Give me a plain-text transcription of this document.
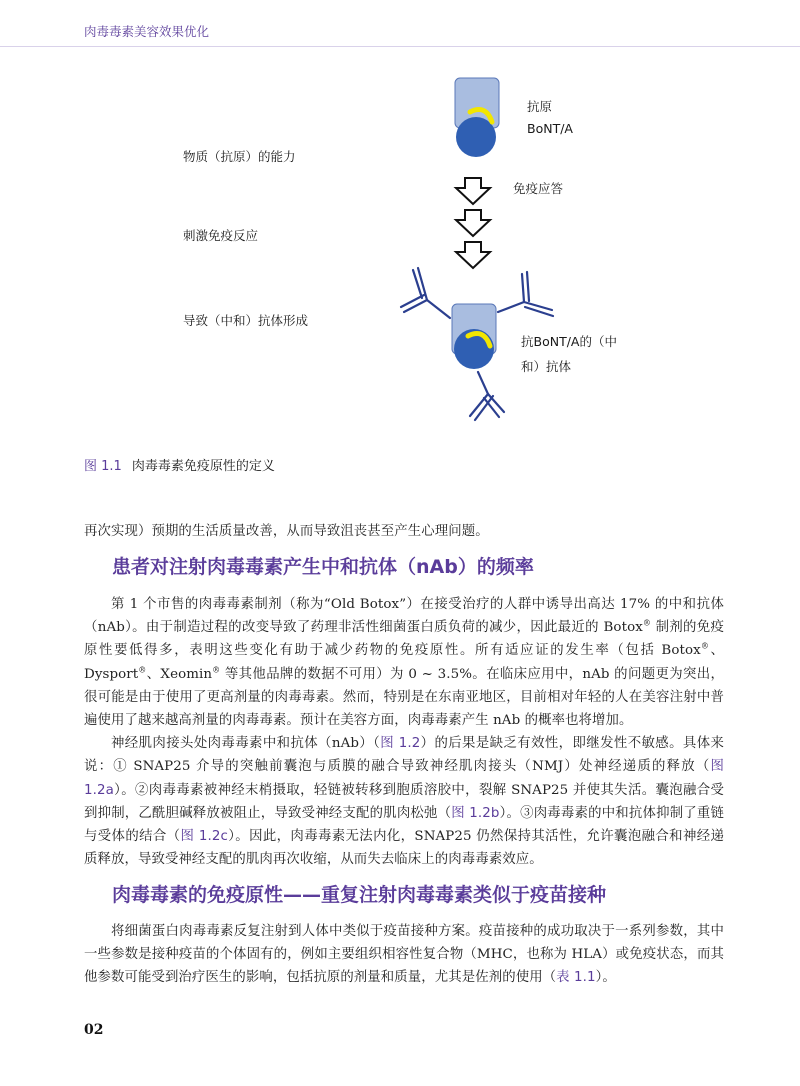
肉毒毒素美容效果优化
物质（抗原）的能力
刺激免疫反应
导致（中和）抗体形成
抗原
BoNT/A
免疫应答
抗BoNT/A的（中
和）抗体
图 1.1 肉毒毒素免疫原性的定义

再次实现）预期的生活质量改善，从而导致沮丧甚至产生心理问题。

患者对注射肉毒毒素产生中和抗体（nAb）的频率

第 1 个市售的肉毒毒素制剂（称为“Old Botox”）在接受治疗的人群中诱导出高达 17% 的中和抗体（nAb）。由于制造过程的改变导致了药理非活性细菌蛋白质负荷的减少，因此最近的 Botox® 制剂的免疫原性要低得多，表明这些变化有助于减少药物的免疫原性。所有适应证的发生率（包括 Botox®、Dysport®、Xeomin® 等其他品牌的数据不可用）为 0 ~ 3.5%。在临床应用中，nAb 的问题更为突出，很可能是由于使用了更高剂量的肉毒毒素。然而，特别是在东南亚地区，目前相对年轻的人在美容注射中普遍使用了越来越高剂量的肉毒毒素。预计在美容方面，肉毒毒素产生 nAb 的概率也将增加。

神经肌肉接头处肉毒毒素中和抗体（nAb）（图 1.2）的后果是缺乏有效性，即继发性不敏感。具体来说：① SNAP25 介导的突触前囊泡与质膜的融合导致神经肌肉接头（NMJ）处神经递质的释放（图 1.2a）。②肉毒毒素被神经末梢摄取，轻链被转移到胞质溶胶中，裂解 SNAP25 并使其失活。囊泡融合受到抑制，乙酰胆碱释放被阻止，导致受神经支配的肌肉松弛（图 1.2b）。③肉毒毒素的中和抗体抑制了重链与受体的结合（图 1.2c）。因此，肉毒毒素无法内化，SNAP25 仍然保持其活性，允许囊泡融合和神经递质释放，导致受神经支配的肌肉再次收缩，从而失去临床上的肉毒毒素效应。

肉毒毒素的免疫原性——重复注射肉毒毒素类似于疫苗接种

将细菌蛋白肉毒毒素反复注射到人体中类似于疫苗接种方案。疫苗接种的成功取决于一系列参数，其中一些参数是接种疫苗的个体固有的，例如主要组织相容性复合物（MHC，也称为 HLA）或免疫状态，而其他参数可能受到治疗医生的影响，包括抗原的剂量和质量，尤其是佐剂的使用（表 1.1）。

02
